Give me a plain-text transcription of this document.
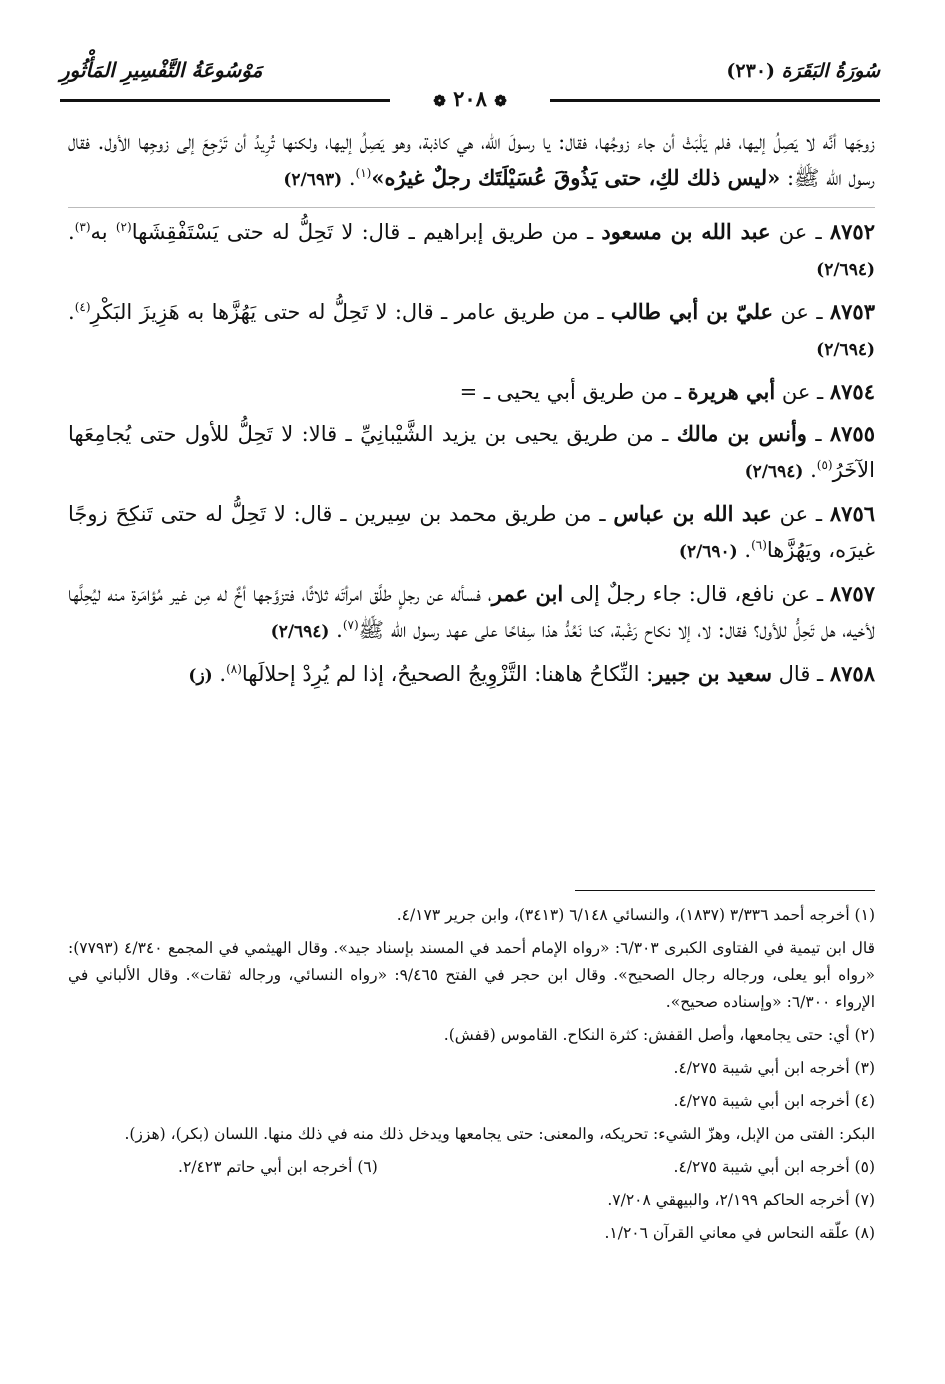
سُورَةُ البَقَرَة (٢٣٠)
مَوْسُوعَةُ التَّفْسِيرِ المَأْثُورِ
❁ ٢٠٨ ❁

زوجَها أنَّه لا يَصِلُ إليها، فلم يَلْبَثْ أن جاء زوجُها، فقال: يا رسولَ الله، هي كاذبة، وهو يَصِلُ إليها، ولكنها تُرِيدُ أن تَرْجِعَ إلى زوجِها الأول. فقال رسول الله ﷺ: «ليس ذلك لكِ، حتى يَذُوقَ عُسَيْلَتَك رجلٌ غيرُه»$^{(١)}$. (٢/٦٩٣)

٨٧٥٢ ـ عن عبد الله بن مسعود ـ من طريق إبراهيم ـ قال: لا تَحِلُّ له حتى يَسْتَفْقِشَها$^{(٢)}$ به$^{(٣)}$. (٢/٦٩٤)

٨٧٥٣ ـ عن عليّ بن أبي طالب ـ من طريق عامر ـ قال: لا تَحِلُّ له حتى يَهُزَّها به هَزِيزَ البَكْرِ$^{(٤)}$. (٢/٦٩٤)

٨٧٥٤ ـ عن أبي هريرة ـ من طريق أبي يحيى ـ =

٨٧٥٥ ـ وأنس بن مالك ـ من طريق يحيى بن يزيد الشَّيْبانِيِّ ـ قالا: لا تَحِلُّ للأول حتى يُجامِعَها الآخَرُ$^{(٥)}$. (٢/٦٩٤)

٨٧٥٦ ـ عن عبد الله بن عباس ـ من طريق محمد بن سِيرين ـ قال: لا تَحِلُّ له حتى تَنكِحَ زوجًا غيرَه، ويَهُزَّها$^{(٦)}$. (٢/٦٩٠)

٨٧٥٧ ـ عن نافع، قال: جاء رجلٌ إلى ابن عمر، فسأله عن رجلٍ طلَّق امرأتَه ثلاثًا، فتزوَّجها أخٌ له مِن غير مُؤامَرة منه ليُحِلَّها لأخيه، هل تَحِلُّ للأول؟ فقال: لا، إلا نكاح رَغْبة، كنا نَعُدُّ هذا سِفاحًا على عهد رسول الله ﷺ$^{(٧)}$. (٢/٦٩٤)

٨٧٥٨ ـ قال سعيد بن جبير: النِّكاحُ هاهنا: التَّزْوِيجُ الصحيحُ، إذا لم يُرِدْ إحلالَها$^{(٨)}$. (ز)

(١) أخرجه أحمد ٣/٣٣٦ (١٨٣٧)، والنسائي ٦/١٤٨ (٣٤١٣)، وابن جرير ٤/١٧٣.

قال ابن تيمية في الفتاوى الكبرى ٦/٣٠٣: «رواه الإمام أحمد في المسند بإسناد جيد». وقال الهيثمي في المجمع ٤/٣٤٠ (٧٧٩٣): «رواه أبو يعلى، ورجاله رجال الصحيح». وقال ابن حجر في الفتح ٩/٤٦٥: «رواه النسائي، ورجاله ثقات». وقال الألباني في الإرواء ٦/٣٠٠: «وإسناده صحيح».

(٢) أي: حتى يجامعها، وأصل القفش: كثرة النكاح. القاموس (قفش).

(٣) أخرجه ابن أبي شيبة ٤/٢٧٥.

(٤) أخرجه ابن أبي شيبة ٤/٢٧٥.

البكر: الفتى من الإبل، وهزّ الشيء: تحريكه، والمعنى: حتى يجامعها ويدخل ذلك منه في ذلك منها. اللسان (بكر)، (هزز).

(٥) أخرجه ابن أبي شيبة ٤/٢٧٥.

(٦) أخرجه ابن أبي حاتم ٢/٤٢٣.

(٧) أخرجه الحاكم ٢/١٩٩، والبيهقي ٧/٢٠٨.

(٨) علّقه النحاس في معاني القرآن ١/٢٠٦.
